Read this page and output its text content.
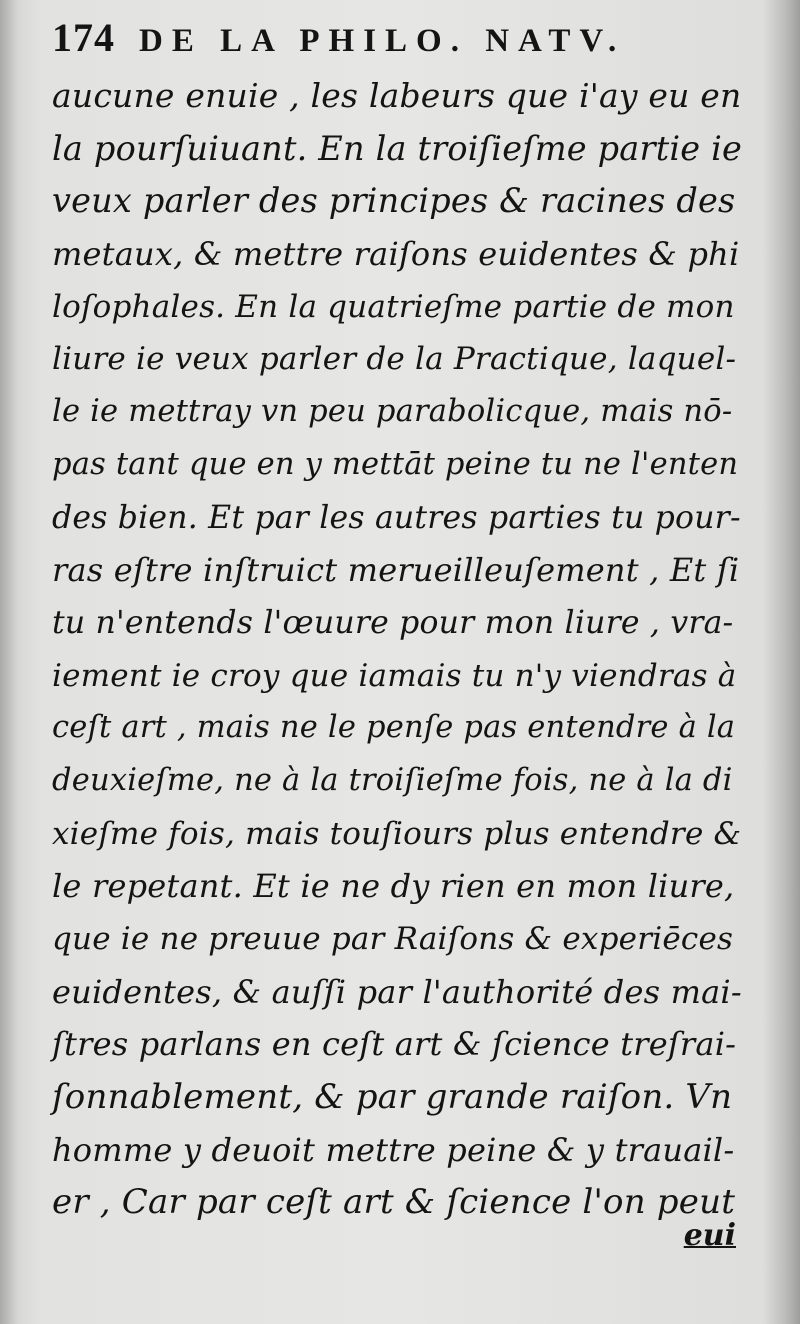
174 DE LA PHILO. NATV.
aucune enuie , les labeurs que i'ay eu en
la pourſuiuant. En la troiſieſme partie ie
veux parler des principes & racines des
metaux, & mettre raiſons euidentes & phi
loſophales. En la quatrieſme partie de mon
liure ie veux parler de la Practique, laquel-
le ie mettray vn peu parabolicque, mais nō-
pas tant que en y mettāt peine tu ne l'enten
des bien. Et par les autres parties tu pour-
ras eſtre inſtruict merueilleuſement , Et ſi
tu n'entends l'œuure pour mon liure , vra-
iement ie croy que iamais tu n'y viendras à
ceſt art , mais ne le penſe pas entendre à la
deuxieſme, ne à la troiſieſme fois, ne à la di
xieſme fois, mais touſiours plus entendre &
le repetant. Et ie ne dy rien en mon liure,
que ie ne preuue par Raiſons & experiēces
euidentes, & auſſi par l'authorité des mai-
ſtres parlans en ceſt art & ſcience treſrai-
ſonnablement, & par grande raiſon. Vn
homme y deuoit mettre peine & y trauail-
er , Car par ceſt art & ſcience l'on peut
eui
